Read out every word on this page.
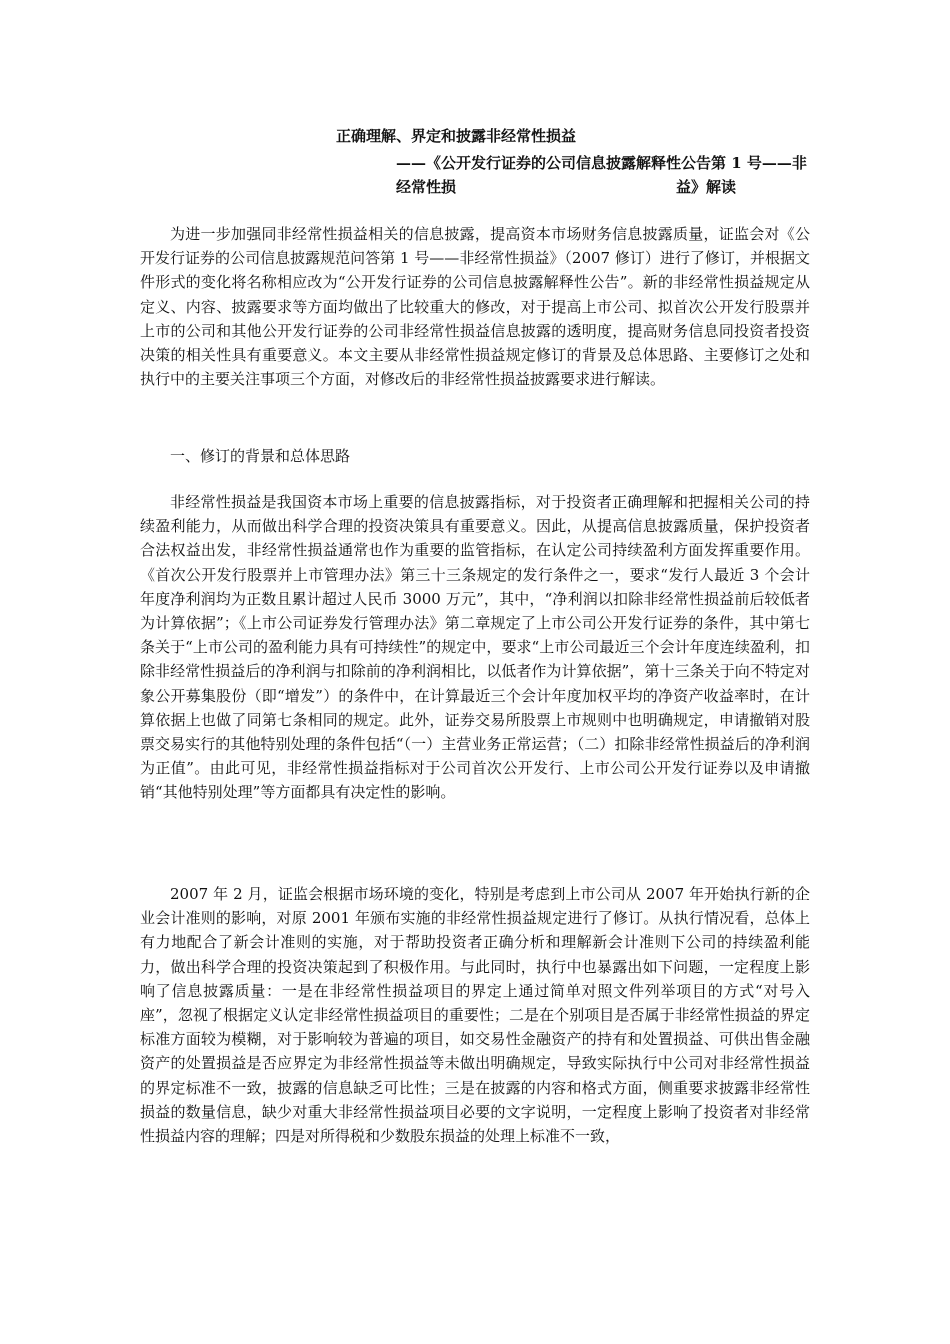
正确理解、界定和披露非经常性损益
——《公开发行证券的公司信息披露解释性公告第 1 号——非经常性损	益》解读

为进一步加强同非经常性损益相关的信息披露，提高资本市场财务信息披露质量，证监会对《公开发行证券的公司信息披露规范问答第 1 号——非经常性损益》（2007 修订）进行了修订，并根据文件形式的变化将名称相应改为“公开发行证券的公司信息披露解释性公告”。新的非经常性损益规定从定义、内容、披露要求等方面均做出了比较重大的修改，对于提高上市公司、拟首次公开发行股票并上市的公司和其他公开发行证券的公司非经常性损益信息披露的透明度，提高财务信息同投资者投资决策的相关性具有重要意义。本文主要从非经常性损益规定修订的背景及总体思路、主要修订之处和执行中的主要关注事项三个方面，对修改后的非经常性损益披露要求进行解读。

一、修订的背景和总体思路

非经常性损益是我国资本市场上重要的信息披露指标，对于投资者正确理解和把握相关公司的持续盈利能力，从而做出科学合理的投资决策具有重要意义。因此，从提高信息披露质量，保护投资者合法权益出发，非经常性损益通常也作为重要的监管指标，在认定公司持续盈利方面发挥重要作用。《首次公开发行股票并上市管理办法》第三十三条规定的发行条件之一，要求“发行人最近 3 个会计年度净利润均为正数且累计超过人民币 3000 万元”，其中，“净利润以扣除非经常性损益前后较低者为计算依据”；《上市公司证券发行管理办法》第二章规定了上市公司公开发行证券的条件，其中第七条关于“上市公司的盈利能力具有可持续性”的规定中，要求“上市公司最近三个会计年度连续盈利，扣除非经常性损益后的净利润与扣除前的净利润相比，以低者作为计算依据”，第十三条关于向不特定对象公开募集股份（即“增发”）的条件中，在计算最近三个会计年度加权平均的净资产收益率时，在计算依据上也做了同第七条相同的规定。此外，证券交易所股票上市规则中也明确规定，申请撤销对股票交易实行的其他特别处理的条件包括“（一）主营业务正常运营；（二）扣除非经常性损益后的净利润为正值”。由此可见，非经常性损益指标对于公司首次公开发行、上市公司公开发行证券以及申请撤销“其他特别处理”等方面都具有决定性的影响。

2007 年 2 月，证监会根据市场环境的变化，特别是考虑到上市公司从 2007 年开始执行新的企业会计准则的影响，对原 2001 年颁布实施的非经常性损益规定进行了修订。从执行情况看，总体上有力地配合了新会计准则的实施，对于帮助投资者正确分析和理解新会计准则下公司的持续盈利能力，做出科学合理的投资决策起到了积极作用。与此同时，执行中也暴露出如下问题，一定程度上影响了信息披露质量：一是在非经常性损益项目的界定上通过简单对照文件列举项目的方式“对号入座”，忽视了根据定义认定非经常性损益项目的重要性；二是在个别项目是否属于非经常性损益的界定标准方面较为模糊，对于影响较为普遍的项目，如交易性金融资产的持有和处置损益、可供出售金融资产的处置损益是否应界定为非经常性损益等未做出明确规定，导致实际执行中公司对非经常性损益的界定标准不一致，披露的信息缺乏可比性；三是在披露的内容和格式方面，侧重要求披露非经常性损益的数量信息，缺少对重大非经常性损益项目必要的文字说明，一定程度上影响了投资者对非经常性损益内容的理解；四是对所得税和少数股东损益的处理上标准不一致，
